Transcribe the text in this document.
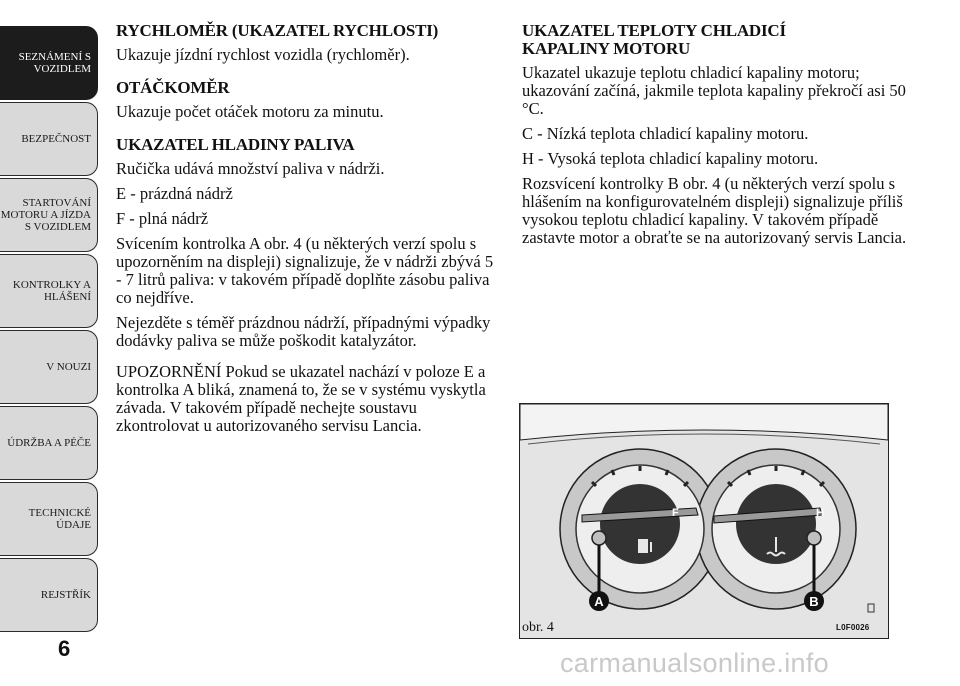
SEZNÁMENÍ S
VOZIDLEM
BEZPEČNOST
STARTOVÁNÍ
MOTORU A JÍZDA
S VOZIDLEM
KONTROLKY A
HLÁŠENÍ
V NOUZI
ÚDRŽBA A PÉČE
TECHNICKÉ
ÚDAJE
REJSTŘÍK
6
RYCHLOMĚR (UKAZATEL RYCHLOSTI)

Ukazuje jízdní rychlost vozidla (rychloměr).

OTÁČKOMĚR

Ukazuje počet otáček motoru za minutu.

UKAZATEL HLADINY PALIVA

Ručička udává množství paliva v nádrži.

E - prázdná nádrž

F - plná nádrž

Svícením kontrolka A obr. 4 (u některých verzí spolu s upozorněním na displeji) signalizuje, že v nádrži zbývá 5 - 7 litrů paliva: v takovém případě doplňte zásobu paliva co nejdříve.

Nejezděte s téměř prázdnou nádrží, případnými výpadky dodávky paliva se může poškodit katalyzátor.

UPOZORNĚNÍ Pokud se ukazatel nachází v poloze E a kontrolka A bliká, znamená to, že se v systému vyskytla závada. V takovém případě nechejte soustavu zkontrolovat u autorizovaného servisu Lancia.

UKAZATEL TEPLOTY CHLADICÍ KAPALINY MOTORU

Ukazatel ukazuje teplotu chladicí kapaliny motoru; ukazování začíná, jakmile teplota kapaliny překročí asi 50 °C.

C - Nízká teplota chladicí kapaliny motoru.

H - Vysoká teplota chladicí kapaliny motoru.

Rozsvícení kontrolky B obr. 4 (u některých verzí spolu s hlášením na konfigurovatelném displeji) signalizuje příliš vysokou teplotu chladicí kapaliny. V takovém případě zastavte motor a obraťte se na autorizovaný servis Lancia.

A	B
F	H
obr. 4	L0F0026
carmanualsonline.info
